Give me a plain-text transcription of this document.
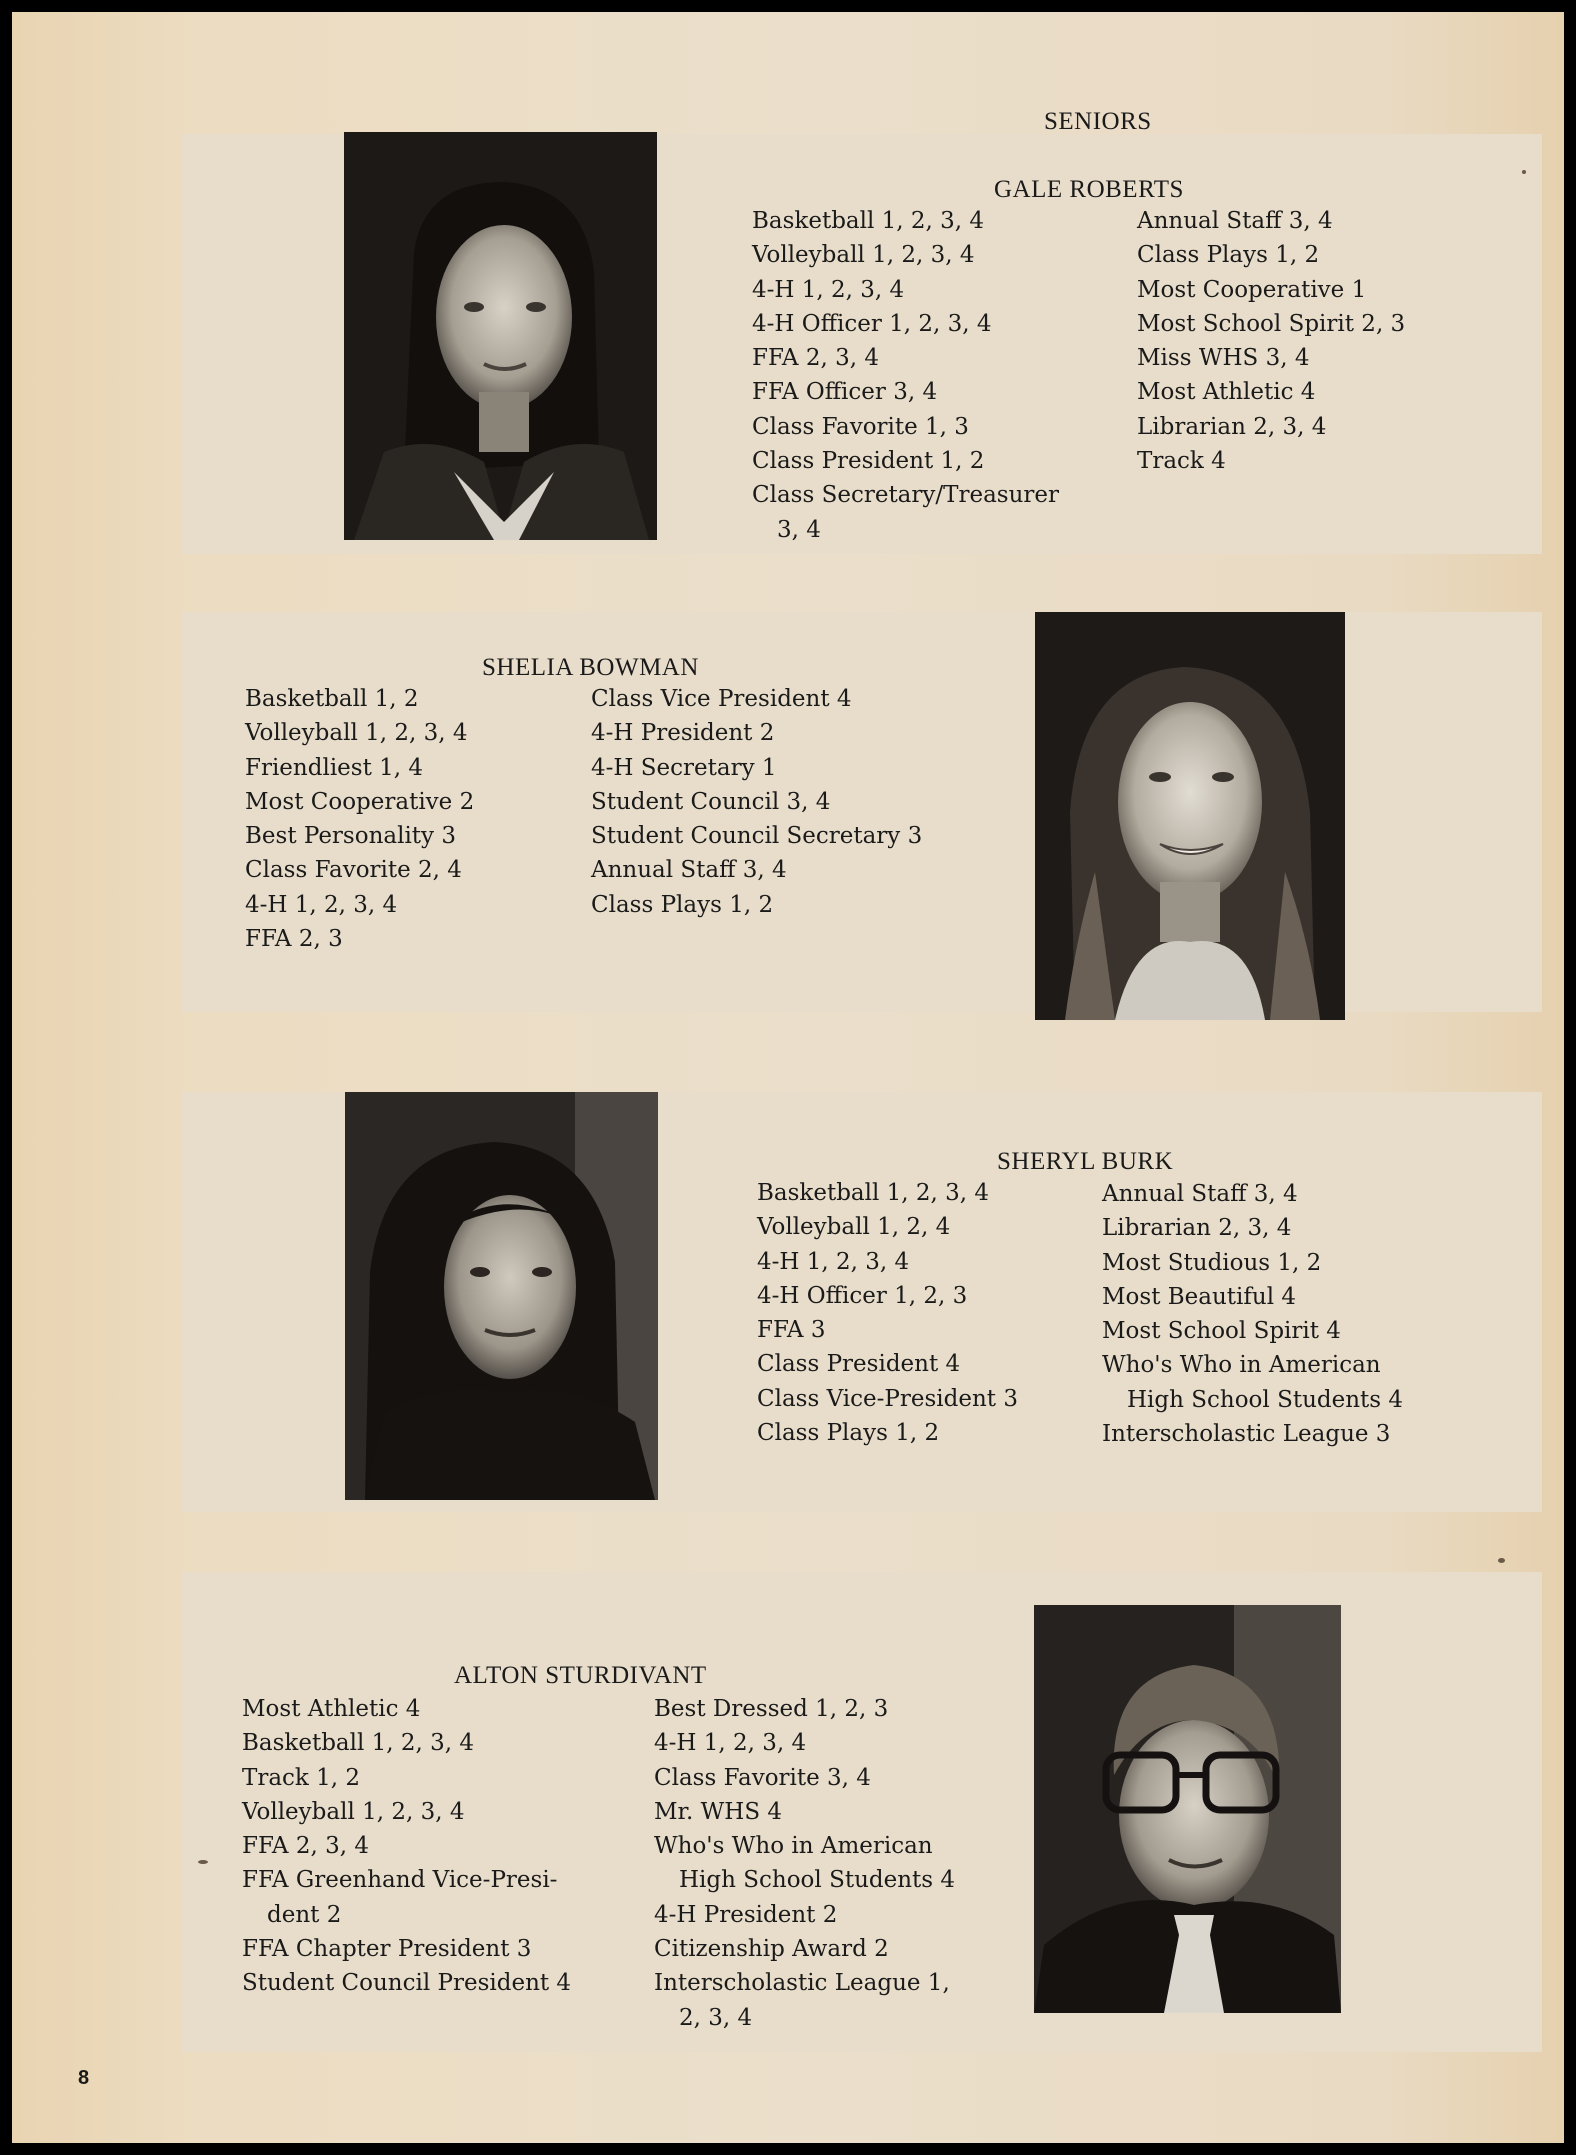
SENIORS
GALE ROBERTS
Basketball 1, 2, 3, 4
Volleyball 1, 2, 3, 4
4-H 1, 2, 3, 4
4-H Officer 1, 2, 3, 4
FFA 2, 3, 4
FFA Officer 3, 4
Class Favorite 1, 3
Class President 1, 2
Class Secretary/Treasurer
3, 4
Annual Staff 3, 4
Class Plays 1, 2
Most Cooperative 1
Most School Spirit 2, 3
Miss WHS 3, 4
Most Athletic 4
Librarian 2, 3, 4
Track 4
SHELIA BOWMAN
Basketball 1, 2
Volleyball 1, 2, 3, 4
Friendliest 1, 4
Most Cooperative 2
Best Personality 3
Class Favorite 2, 4
4-H 1, 2, 3, 4
FFA 2, 3
Class Vice President 4
4-H President 2
4-H Secretary 1
Student Council 3, 4
Student Council Secretary 3
Annual Staff 3, 4
Class Plays 1, 2
SHERYL BURK
Basketball 1, 2, 3, 4
Volleyball 1, 2, 4
4-H 1, 2, 3, 4
4-H Officer 1, 2, 3
FFA 3
Class President 4
Class Vice-President 3
Class Plays 1, 2
Annual Staff 3, 4
Librarian 2, 3, 4
Most Studious 1, 2
Most Beautiful 4
Most School Spirit 4
Who's Who in American
High School Students 4
Interscholastic League 3
ALTON STURDIVANT
Most Athletic 4
Basketball 1, 2, 3, 4
Track 1, 2
Volleyball 1, 2, 3, 4
FFA 2, 3, 4
FFA Greenhand Vice-Presi-
dent 2
FFA Chapter President 3
Student Council President 4
Best Dressed 1, 2, 3
4-H 1, 2, 3, 4
Class Favorite 3, 4
Mr. WHS 4
Who's Who in American
High School Students 4
4-H President 2
Citizenship Award 2
Interscholastic League 1,
2, 3, 4
8
